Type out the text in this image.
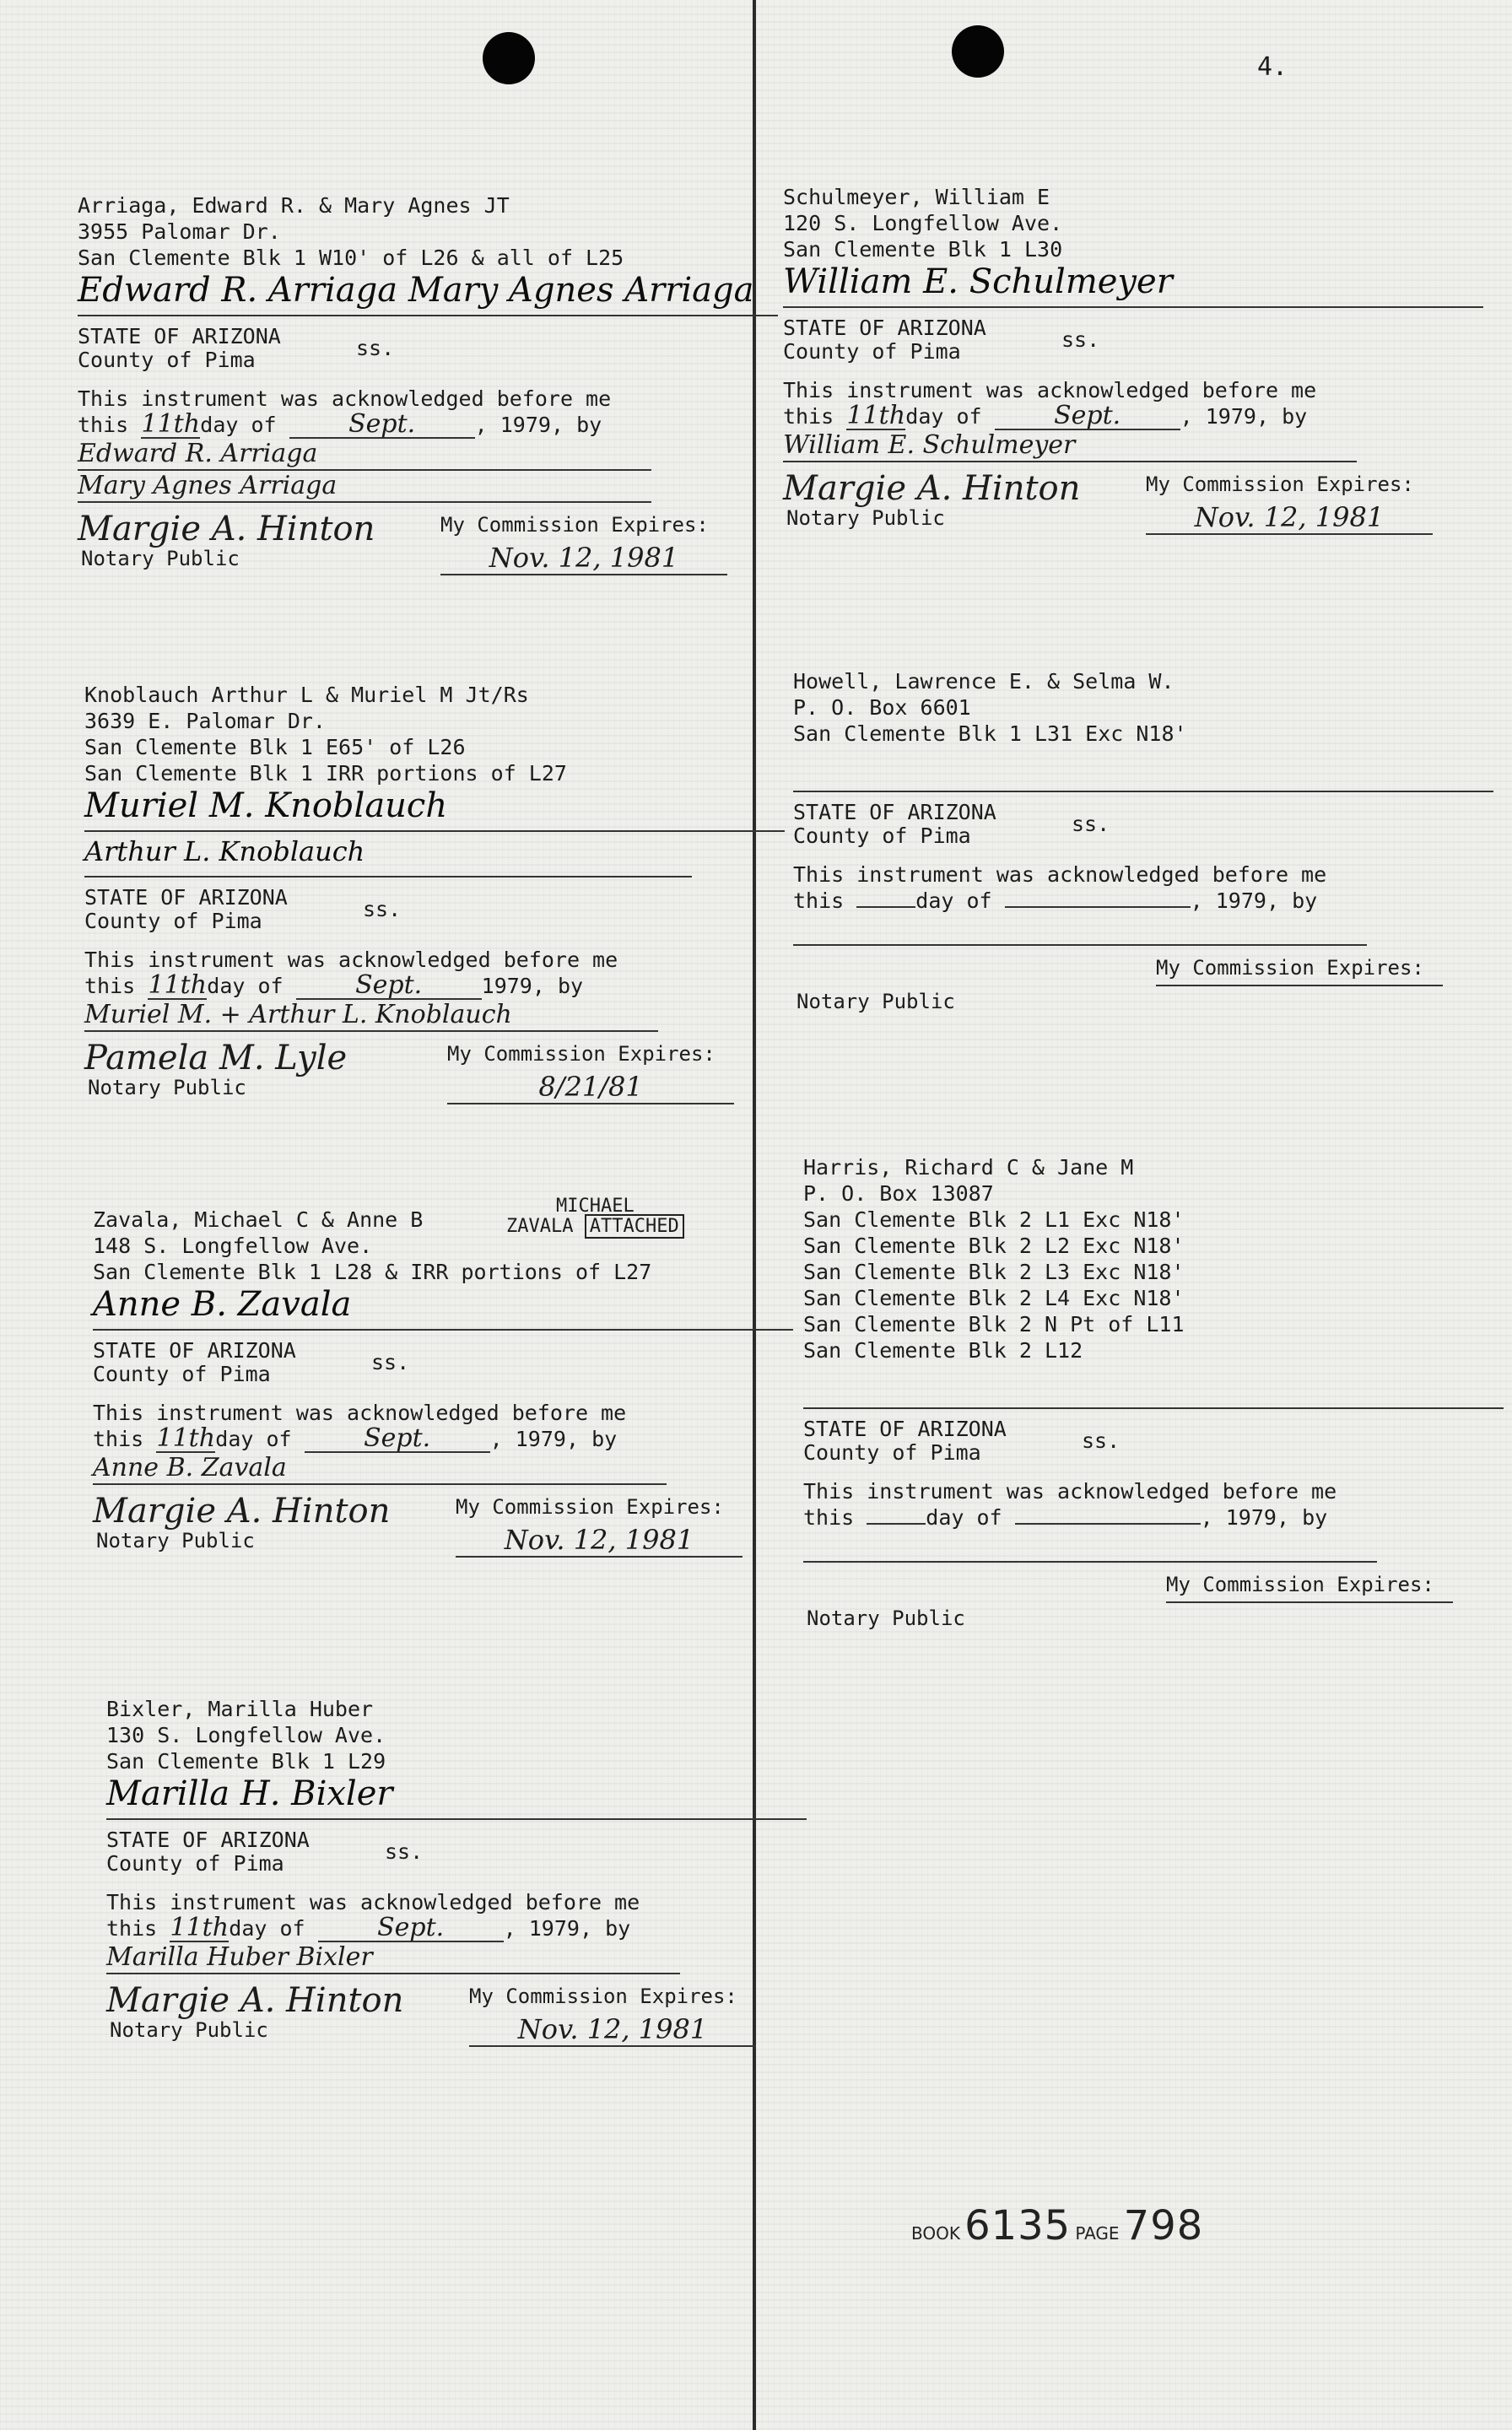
4.
Arriaga, Edward R. & Mary Agnes JT
3955 Palomar Dr.
San Clemente Blk 1 W10' of L26 & all of L25
Edward R. Arriaga Mary Agnes Arriaga
STATE OF ARIZONA
County of Pima	ss.
This instrument was acknowledged before me
this 11thday of	Sept.	, 1979, by
Edward R. Arriaga
Mary Agnes Arriaga
Margie A. Hinton
Notary Public
My Commission Expires:
Nov. 12, 1981
Knoblauch Arthur L & Muriel M Jt/Rs
3639 E. Palomar Dr.
San Clemente Blk 1 E65' of L26
San Clemente Blk 1 IRR portions of L27
Muriel M. Knoblauch
Arthur L. Knoblauch
STATE OF ARIZONA
County of Pima	ss.
This instrument was acknowledged before me
this 11thday of	Sept.	1979, by
Muriel M. + Arthur L. Knoblauch
Pamela M. Lyle
Notary Public
My Commission Expires:
8/21/81
Zavala, Michael C & Anne B
148 S. Longfellow Ave.
San Clemente Blk 1 L28 & IRR portions of L27
Anne B. Zavala
STATE OF ARIZONA
County of Pima	ss.
This instrument was acknowledged before me
this 11thday of	Sept.	, 1979, by
Anne B. Zavala
Margie A. Hinton
Notary Public
My Commission Expires:
Nov. 12, 1981
Bixler, Marilla Huber
130 S. Longfellow Ave.
San Clemente Blk 1 L29
Marilla H. Bixler
STATE OF ARIZONA
County of Pima	ss.
This instrument was acknowledged before me
this 11thday of	Sept.	, 1979, by
Marilla Huber Bixler
Margie A. Hinton
Notary Public
My Commission Expires:
Nov. 12, 1981
Schulmeyer, William E
120 S. Longfellow Ave.
San Clemente Blk 1 L30
William E. Schulmeyer
STATE OF ARIZONA
County of Pima	ss.
This instrument was acknowledged before me
this 11thday of	Sept.	, 1979, by
William E. Schulmeyer
Margie A. Hinton
Notary Public
My Commission Expires:
Nov. 12, 1981
Howell, Lawrence E. & Selma W.
P. O. Box 6601
San Clemente Blk 1 L31 Exc N18'
STATE OF ARIZONA
County of Pima	ss.
This instrument was acknowledged before me
this	day of	, 1979, by
Notary Public
My Commission Expires:
Harris, Richard C & Jane M
P. O. Box 13087
San Clemente Blk 2 L1 Exc N18'
San Clemente Blk 2 L2 Exc N18'
San Clemente Blk 2 L3 Exc N18'
San Clemente Blk 2 L4 Exc N18'
San Clemente Blk 2 N Pt of L11
San Clemente Blk 2 L12
STATE OF ARIZONA
County of Pima	ss.
This instrument was acknowledged before me
this	day of	, 1979, by
Notary Public
My Commission Expires:
MICHAEL
ZAVALA ATTACHED
BOOK 6135 PAGE 798
